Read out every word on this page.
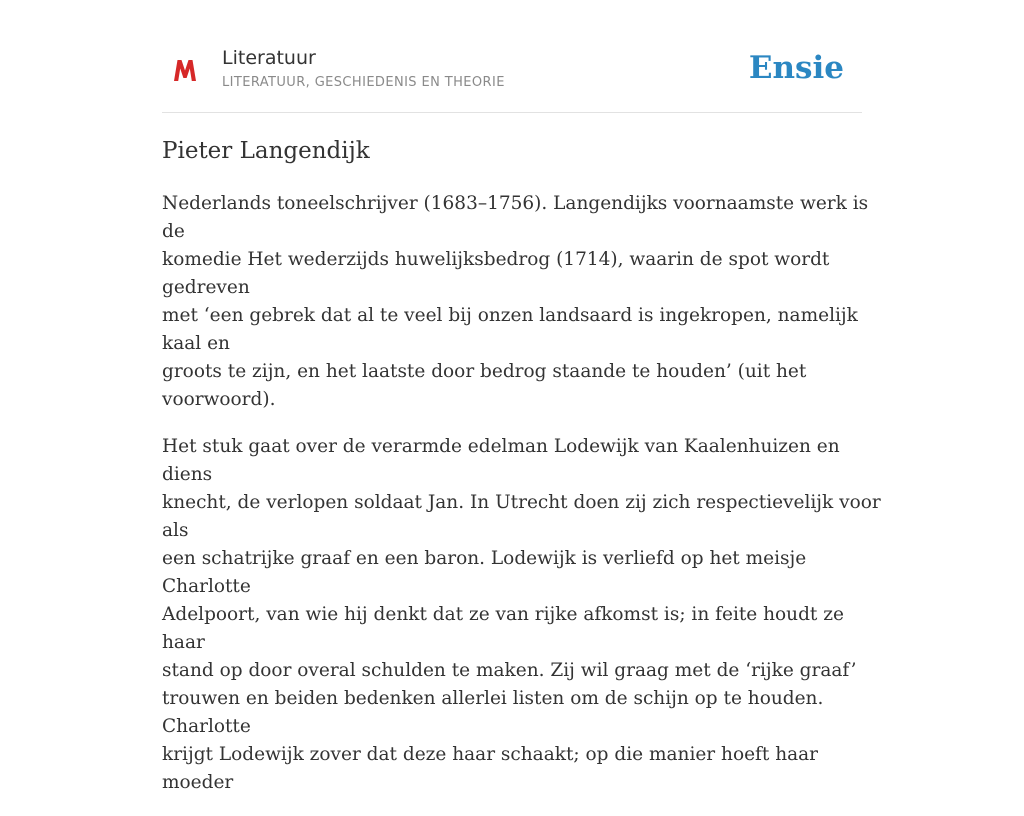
Literatuur
LITERATUUR, GESCHIEDENIS EN THEORIE	Ensie
Pieter Langendijk

Nederlands toneelschrijver (1683–1756). Langendijks voornaamste werk is de
komedie Het wederzijds huwelijksbedrog (1714), waarin de spot wordt gedreven
met ‘een gebrek dat al te veel bij onzen landsaard is ingekropen, namelijk kaal en
groots te zijn, en het laatste door bedrog staande te houden’ (uit het voorwoord).

Het stuk gaat over de verarmde edelman Lodewijk van Kaalenhuizen en diens
knecht, de verlopen soldaat Jan. In Utrecht doen zij zich respectievelijk voor als
een schatrijke graaf en een baron. Lodewijk is verliefd op het meisje Charlotte
Adelpoort, van wie hij denkt dat ze van rijke afkomst is; in feite houdt ze haar
stand op door overal schulden te maken. Zij wil graag met de ‘rijke graaf’
trouwen en beiden bedenken allerlei listen om de schijn op te houden. Charlotte
krijgt Lodewijk zover dat deze haar schaakt; op die manier hoeft haar moeder
